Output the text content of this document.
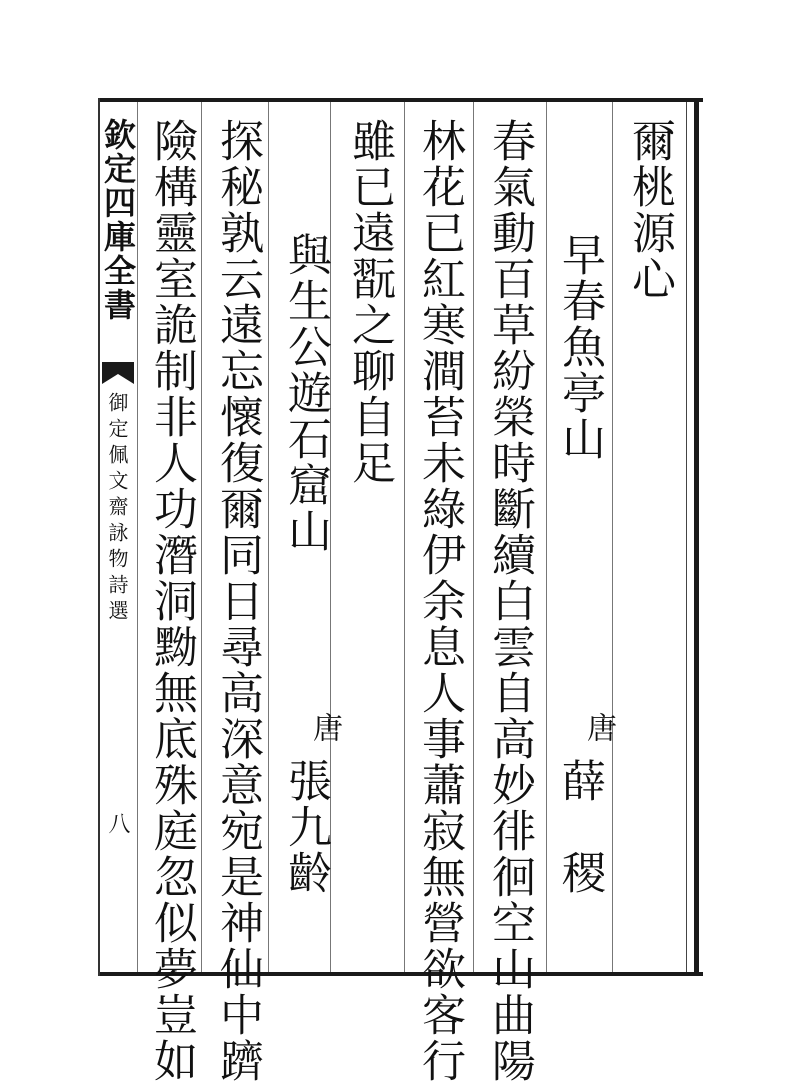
欽定四庫全書
御定佩文齋詠物詩選
八
爾桃源心
早春魚亭山
唐
薛　稷
春氣動百草紛榮時斷續白雲自高妙徘徊空山曲陽
林花已紅寒澗苔未綠伊余息人事蕭寂無營欲客行
雖已遠翫之聊自足
與生公遊石窟山
唐
張九齡
探秘孰云遠忘懷復爾同日尋高深意宛是神仙中躋
險構靈室詭制非人功潛洞黝無底殊庭忽似夢豈如
